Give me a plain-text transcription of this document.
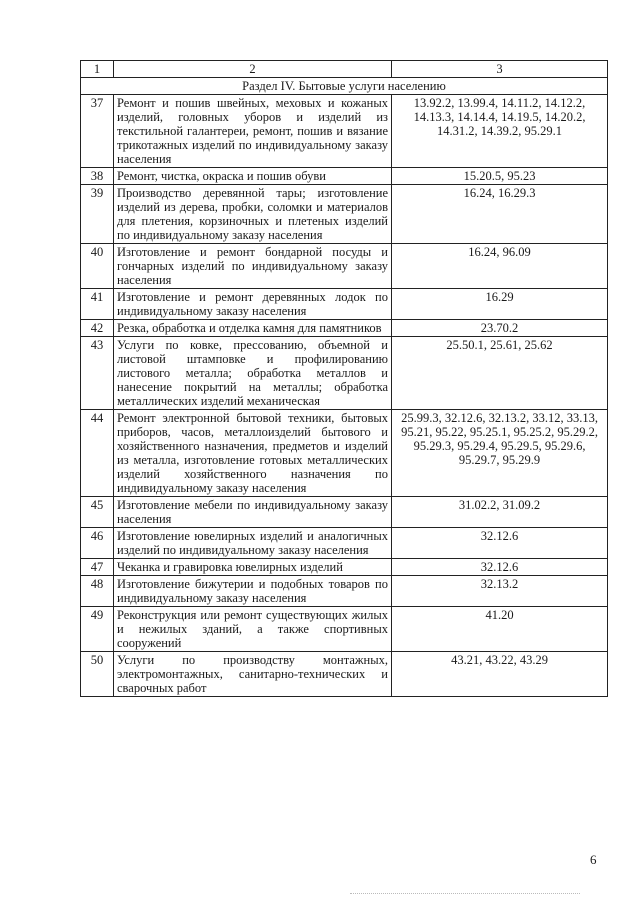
1	2	3
Раздел IV. Бытовые услуги населению		
37	Ремонт и пошив швейных, меховых и кожаных изделий, головных уборов и изделий из текстильной галантереи, ремонт, пошив и вязание трикотажных изделий по индивидуальному заказу населения	13.92.2, 13.99.4, 14.11.2, 14.12.2, 14.13.3, 14.14.4, 14.19.5, 14.20.2, 14.31.2, 14.39.2, 95.29.1
38	Ремонт, чистка, окраска и пошив обуви	15.20.5, 95.23
39	Производство деревянной тары; изготовление изделий из дерева, пробки, соломки и материалов для плетения, корзиночных и плетеных изделий по индивидуальному заказу населения	16.24, 16.29.3
40	Изготовление и ремонт бондарной посуды и гончарных изделий по индивидуальному заказу населения	16.24, 96.09
41	Изготовление и ремонт деревянных лодок по индивидуальному заказу населения	16.29
42	Резка, обработка и отделка камня для памятников	23.70.2
43	Услуги по ковке, прессованию, объемной и листовой штамповке и профилированию листового металла; обработка металлов и нанесение покрытий на металлы; обработка металлических изделий механическая	25.50.1, 25.61, 25.62
44	Ремонт электронной бытовой техники, бытовых приборов, часов, металлоизделий бытового и хозяйственного назначения, предметов и изделий из металла, изготовление готовых металлических изделий хозяйственного назначения по индивидуальному заказу населения	25.99.3, 32.12.6, 32.13.2, 33.12, 33.13, 95.21, 95.22, 95.25.1, 95.25.2, 95.29.2, 95.29.3, 95.29.4, 95.29.5, 95.29.6, 95.29.7, 95.29.9
45	Изготовление мебели по индивидуальному заказу населения	31.02.2, 31.09.2
46	Изготовление ювелирных изделий и аналогичных изделий по индивидуальному заказу населения	32.12.6
47	Чеканка и гравировка ювелирных изделий	32.12.6
48	Изготовление бижутерии и подобных товаров по индивидуальному заказу населения	32.13.2
49	Реконструкция или ремонт существующих жилых и нежилых зданий, а также спортивных сооружений	41.20
50	Услуги по производству монтажных, электромонтажных, санитарно-технических и сварочных работ	43.21, 43.22, 43.29
6
